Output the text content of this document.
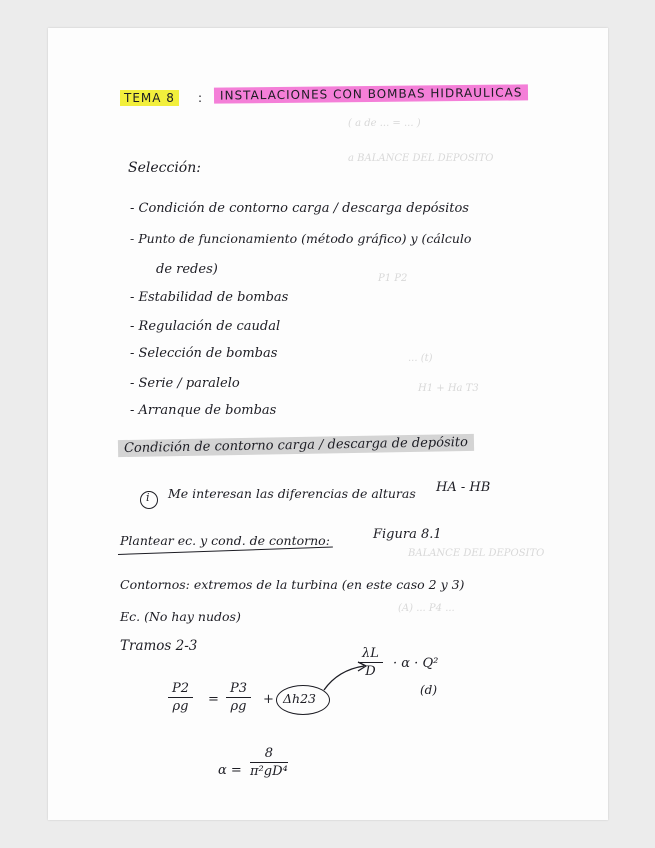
( a de ... = ... )
a BALANCE DEL DEPOSITO
P1 P2
... (t)
H1 + Ha T3
BALANCE DEL DEPOSITO
(A) ... P4 ...
TEMA 8	:	INSTALACIONES CON BOMBAS HIDRAULICAS
Selección:
- Condición de contorno carga / descarga depósitos
- Punto de funcionamiento (método gráfico) y (cálculo
de redes)
- Estabilidad de bombas
- Regulación de caudal
- Selección de bombas
- Serie / paralelo
- Arranque de bombas
Condición de contorno carga / descarga de depósito
i Me interesan las diferencias de alturas HA - HB
Plantear ec. y cond. de contorno:	Figura 8.1
Contornos: extremos de la turbina (en este caso 2 y 3)
Ec. (No hay nudos)
Tramos 2-3
$\frac{P2}{\rho g} = \frac{P3}{\rho g} + \Delta h23$
$\frac{\lambda L}{D} \cdot \alpha \cdot Q^2$
(d)
$\alpha = \frac{8}{\text{π²gD⁴}}$
